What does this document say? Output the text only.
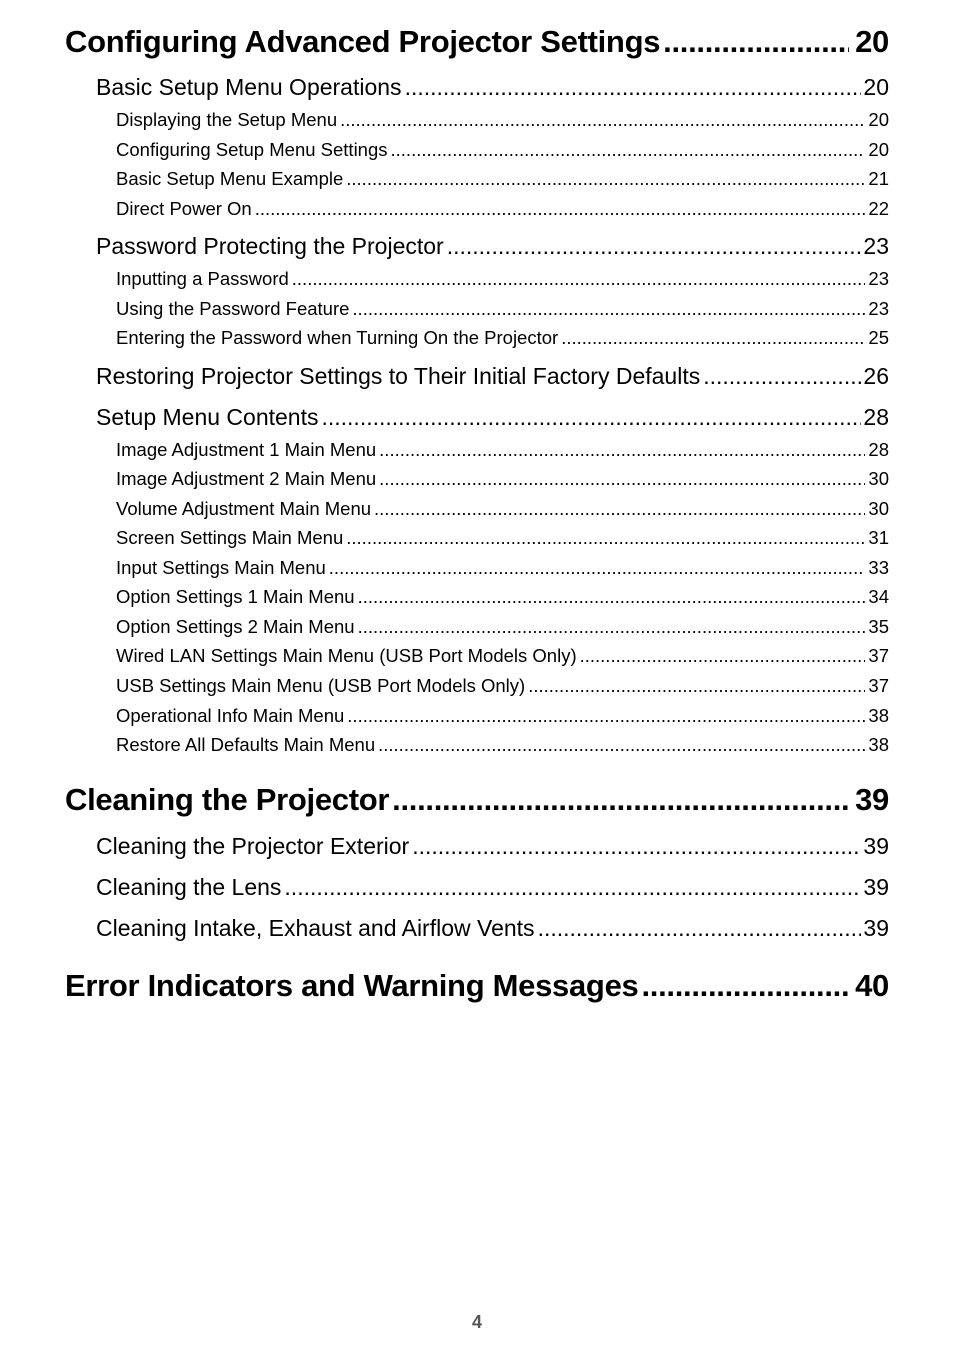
Configuring Advanced Projector Settings .....	20
Basic Setup Menu Operations .....	20
Displaying the Setup Menu .....	20
Configuring Setup Menu Settings .....	20
Basic Setup Menu Example .....	21
Direct Power On .....	22
Password Protecting the Projector .....	23
Inputting a Password .....	23
Using the Password Feature .....	23
Entering the Password when Turning On the Projector .....	25
Restoring Projector Settings to Their Initial Factory Defaults .....	26
Setup Menu Contents .....	28
Image Adjustment 1 Main Menu .....	28
Image Adjustment 2 Main Menu .....	30
Volume Adjustment Main Menu .....	30
Screen Settings Main Menu .....	31
Input Settings Main Menu .....	33
Option Settings 1 Main Menu .....	34
Option Settings 2 Main Menu .....	35
Wired LAN Settings Main Menu (USB Port Models Only) .....	37
USB Settings Main Menu (USB Port Models Only) .....	37
Operational Info Main Menu .....	38
Restore All Defaults Main Menu .....	38
Cleaning the Projector .....	39
Cleaning the Projector Exterior .....	39
Cleaning the Lens .....	39
Cleaning Intake, Exhaust and Airflow Vents .....	39
Error Indicators and Warning Messages .....	40
4
